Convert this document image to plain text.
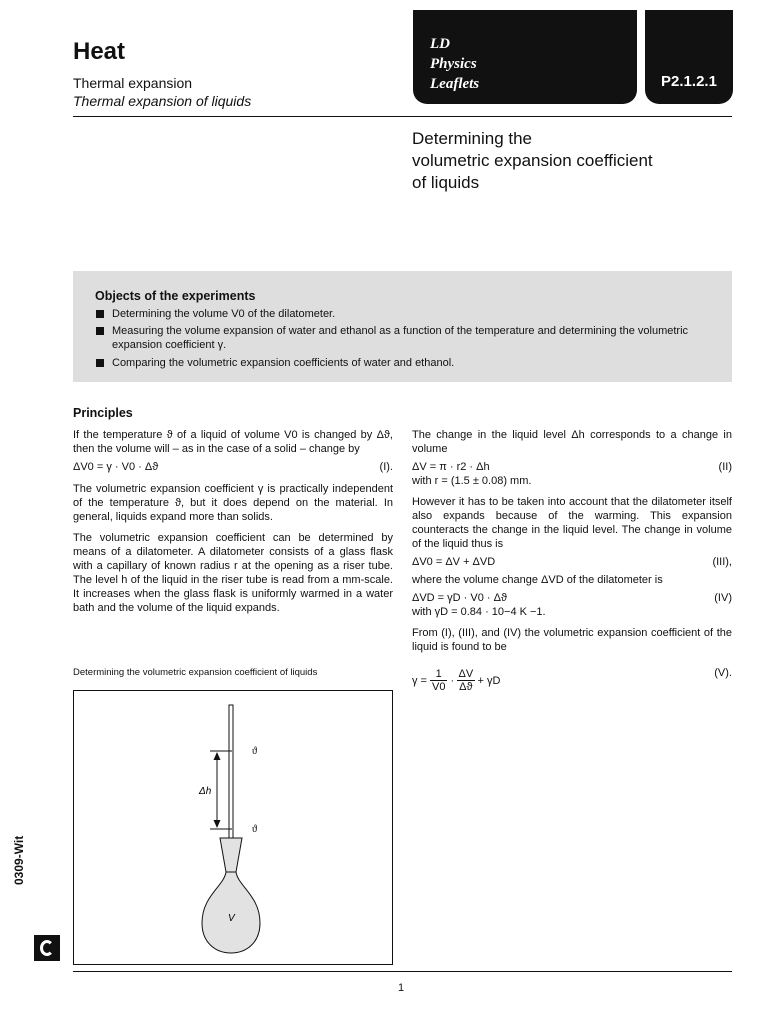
Heat
Thermal expansion
Thermal expansion of liquids
LD
Physics
Leaflets	P2.1.2.1
Determining the
volumetric expansion coefficient
of liquids
Objects of the experiments
Determining the volume V0 of the dilatometer.
Measuring the volume expansion of water and ethanol as a function of the temperature and determining the volumetric expansion coefficient γ.
Comparing the volumetric expansion coefficients of water and ethanol.
Principles

If the temperature ϑ of a liquid of volume V0 is changed by Δϑ, then the volume will – as in the case of a solid – change by

ΔV0 = γ · V0 · Δϑ	(I).

The volumetric expansion coefficient γ is practically independent of the temperature ϑ, but it does depend on the material. In general, liquids expand more than solids.

The volumetric expansion coefficient can be determined by means of a dilatometer. A dilatometer consists of a glass flask with a capillary of known radius r at the opening as a riser tube. The level h of the liquid in the riser tube is read from a mm-scale. It increases when the glass flask is uniformly warmed in a water bath and the volume of the liquid expands.

The change in the liquid level Δh corresponds to a change in volume

ΔV = π · r2 · Δh	(II)

with r = (1.5 ± 0.08) mm.

However it has to be taken into account that the dilatometer itself also expands because of the warming. This expansion counteracts the change in the liquid level. The change in volume of the liquid thus is

ΔV0 = ΔV + ΔVD	(III),

where the volume change ΔVD of the dilatometer is

ΔVD = γD · V0 · Δϑ	(IV)

with γD = 0.84 · 10−4 K −1.

From (I), (III), and (IV) the volumetric expansion coefficient of the liquid is found to be

$\gamma = \frac{1}{V0} \cdot \frac{\Delta V}{\Delta ϑ} + \gamma D$
(V).
Determining the volumetric expansion coefficient of liquids
Δh
ϑ
ϑ
V
0309-Wit
1
